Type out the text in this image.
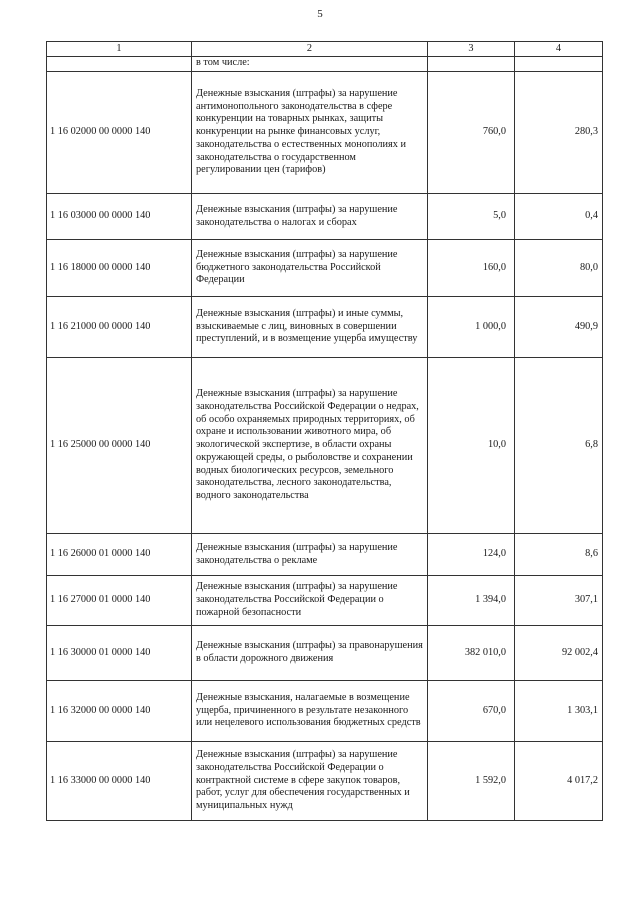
5
1	2	3	4
	в том числе:		
1 16 02000 00 0000 140	Денежные взыскания (штрафы) за нарушение антимонопольного законодательства в сфере конкуренции на товарных рынках, защиты конкуренции на рынке финансовых услуг, законодательства о естественных монополиях и законодательства о государственном регулировании цен (тарифов)	760,0	280,3
1 16 03000 00 0000 140	Денежные взыскания (штрафы) за нарушение законодательства о налогах и сборах	5,0	0,4
1 16 18000 00 0000 140	Денежные взыскания (штрафы) за нарушение бюджетного законодательства Российской Федерации	160,0	80,0
1 16 21000 00 0000 140	Денежные взыскания (штрафы) и иные суммы, взыскиваемые с лиц, виновных в совершении преступлений, и в возмещение ущерба имуществу	1 000,0	490,9
1 16 25000 00 0000 140	Денежные взыскания (штрафы) за нарушение законодательства Российской Федерации о недрах, об особо охраняемых природных территориях, об охране и использовании животного мира, об экологической экспертизе, в области охраны окружающей среды, о рыболовстве и сохранении водных биологических ресурсов, земельного законодательства, лесного законодательства, водного законодательства	10,0	6,8
1 16 26000 01 0000 140	Денежные взыскания (штрафы) за нарушение законодательства о рекламе	124,0	8,6
1 16 27000 01 0000 140	Денежные взыскания (штрафы) за нарушение законодательства Российской Федерации о пожарной безопасности	1 394,0	307,1
1 16 30000 01 0000 140	Денежные взыскания (штрафы) за правонарушения в области дорожного движения	382 010,0	92 002,4
1 16 32000 00 0000 140	Денежные взыскания, налагаемые в возмещение ущерба, причиненного в результате незаконного или нецелевого использования бюджетных средств	670,0	1 303,1
1 16 33000 00 0000 140	Денежные взыскания (штрафы) за нарушение законодательства Российской Федерации о контрактной системе в сфере закупок товаров, работ, услуг для обеспечения государственных и муниципальных нужд	1 592,0	4 017,2
